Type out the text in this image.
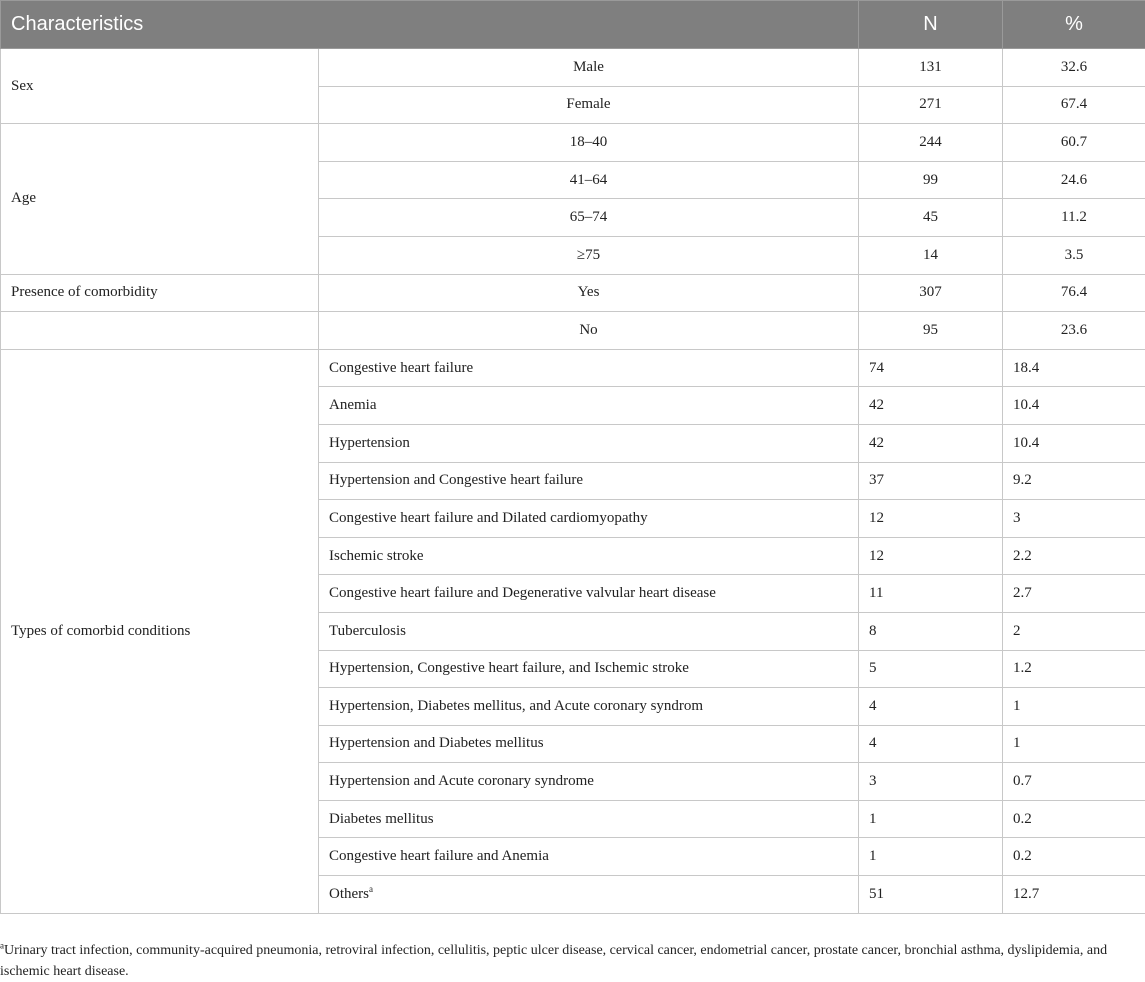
Characteristics		N	%
Sex	Male	131	32.6
	Female	271	67.4
Age	18–40	244	60.7
	41–64	99	24.6
	65–74	45	11.2
	≥75	14	3.5
Presence of comorbidity	Yes	307	76.4
	No	95	23.6
Types of comorbid conditions	Congestive heart failure	74	18.4
	Anemia	42	10.4
	Hypertension	42	10.4
	Hypertension and Congestive heart failure	37	9.2
	Congestive heart failure and Dilated cardiomyopathy	12	3
	Ischemic stroke	12	2.2
	Congestive heart failure and Degenerative valvular heart disease	11	2.7
	Tuberculosis	8	2
	Hypertension, Congestive heart failure, and Ischemic stroke	5	1.2
	Hypertension, Diabetes mellitus, and Acute coronary syndrom	4	1
	Hypertension and Diabetes mellitus	4	1
	Hypertension and Acute coronary syndrome	3	0.7
	Diabetes mellitus	1	0.2
	Congestive heart failure and Anemia	1	0.2
	Others$^a$	51	12.7
$^a$Urinary tract infection, community-acquired pneumonia, retroviral infection, cellulitis, peptic ulcer disease, cervical cancer, endometrial cancer, prostate cancer, bronchial asthma, dyslipidemia, and ischemic heart disease.
